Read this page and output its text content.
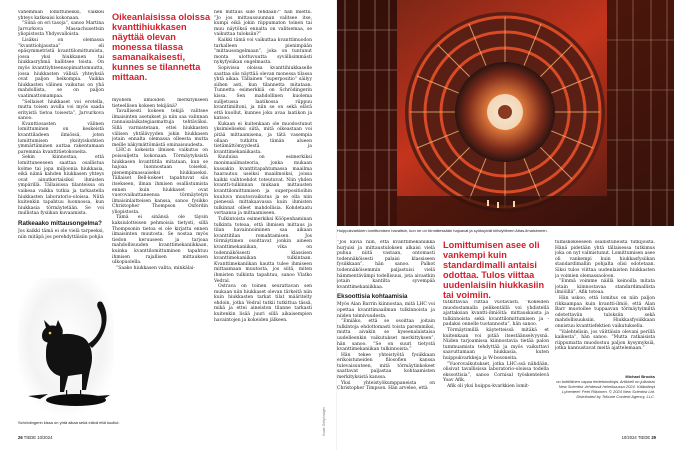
vähemmän lomittuneiksi, vaikkei yhteys katkeaisi kokonaan.

”Siinä on eri tasoja”, sanoo Martina Jarvurkova Massachusettsin yliopistosta Yhdysvalloista.

Lisäksi on olemassa ”kvanttiohjaustaa” eli epäsymmetristä kvanttilomittumista, jossa yksi hiukkanen tai hiukkasryhmä hallitsee toista. On myös kvanttiyhteensopimattomuutta, jossa hiukkasten välisiä yhteyksiä ovat paljon heikompia. Vaikka hiukkasten välinen vaikutus on yhä mahdollista, se on paljon vaatimattomampaa.

”Sellaiset hiukkaset voi erotella, mutta toisen avulla voi myös saada erityistä tietoa toisesta”, Jarvurkova sanoo.

Kvanttiosasten välinen lomittuminen on keskeistä kvanttiladeen ilmiössä, joten lomittumisen yksityiskohtien ymmärtäminen auttaa rakentamaan paremmia kvanttitietokoneita.

Sekin kiinnostaa, että lomittuneeseen saattaa osallistua kolme tai jopa miljoonia hiukkasia, eikä nämä kahden hiukkasen yhteys ovat ainutkertaisiksi ihmisten ympärillä. Tällaisissa tilanteissa on vaikeaa vaikka tutkia ja tarkastella hiukkasten laboratorio-oloissa. Niitä kuitenkin tapahtuu luonnossa, kun hiukkasia törmäytetään. Se voi mullistaa fysiikan kuvaamista.

Ratkeaako mittausongelma?

Jos kaikki tämä ei ole vielä tarpeeksi, niin mitäpä jos perehdyttäisiin pohjia

Schrödingerin kissa on yhtä aikaa sekä elävä että kuollut.
Oikeanlaisissa oloissa kvanttihiukkasen näyttää olevan monessa tilassa samanaikaisesti, kunnes se tilannetta mittaan.

myöhem ilmiöiden merkitykseen tieteellisen kokeen tekijänä?

Tavallisesti kokeen tekijä valitsee ilmaisinten asetukset ja niin saa valinnan rannaisalaikategiasmattuja tehtäväksi. Sillä varmistetaan, ettei hiukkasten välisen yhtälävyyden jokin hiukkasen jotain ennalta olemassa olleesta mutta meille näkymättömästä ominaisuudesta.

LHC:n kokeista ilmisen vaikutus on poissuljettu kokonaan. Törmäytyksistä hiukkasen kvanttitila mitataan, kun se hajoaa luonnostaan toiseksi, pienempimassaiseksi hiukkaseksi. Tällaiset Bell-kokeet tapahtuvat siis itsekseen, ilman ihmisen osallistumista ennen kuin hiukkaset ovat vuorovaikuttaneensa törmäytetyn ilmaisinlaitteisen kanssa, sanoo fysikko Christopher Thompson Oxfordin yliopistosta.

Tämä ei sinänsä ole täysin kaksiulotteisen pehmoisia tietysti, sillä Thompsonin tietoa ei ole kirjattu ennen ilmaisinten muutosta. Se nostaa myös tiedon keruuseen ja tarjoaa mahdollisuuden kvanttimekaniikkaan, kuinka kvanttilomittuminen tapahtuu ihmisen rajallisen mittauksen ulkopuolella.

”Saako hiukkasen valita, minkälai-

nen mittaus sille tehdään?” hän miettii. ”Jo jos mittaussuunnan valitsee itse, kumpi eikä jokin riippumaton toinen tai muu näytöksä ennalta on valitsemaa, se vaikuttaa tuloksiin?”

Kaikki tämä voi vaikuttaa kvanttimuodon tarkalleen pienimpään ”mittausongelmaan”, joka on tuntunut monta ulottuvuutta syvällisimmästi nykyfysiikan ongelmasta.

Sopivissa oloissa kvanttihiukkaselle saattaa siis näyttää olevan monessa tilassa yhtä aikaa. Tällainen ”superpositio” säilyy siihen asti, kun tilannetta mitataan. Tunnetta esimerkkiä on Schrödingerin kissa. Sen mahdollinen kuolema sulljetussa laatikossa riippuu kvanttimiltoni, ja niin se on sekä elävä että kuollut, kunnes joku avaa laatikon ja katsoo.

Kukaan ei kuitenkaan ole muodostunut yksimieliseksi siitä, mitä oikeastaan voi pitää mittaamisena, ja tätä vasempia ollaan tutkittu tämän alueen tietämättömyydestä ja kvanttimekaniikasta.

Kuuluisa on esimerkiksi monimaailmateoria, jonka mukaan kussakin kvanttitapahtumassa maailma haarautuu useiksi maailmoiksi, joissa kaikki vaihtoehdot toteutuvat. Niin yhden kvantti-tulkinnan mukaan mittausten kvanttilomittumisen ja superpositioihin kuuluva muutosvaikutus ja se olla niin pienessä mittakaavassa kuin ihmisten tulkinnat olleet mahdollisia. Kohdetaatu vertaansa ja mittaamiseen.

Tulkintoista esimerkiksi Kööpenhaminan tulkinta toteaa, että ihmisen mittaus ja tilan havainnoiminen saa aikaan kvanttitilan romahtamisen. Jos törmäytimen osoittavat jonkin aineen kvanttimekaniikan, vika on todennäköisesti klassisen kvanttimekaniikan tulkintaan. Kvanttimekaniikan kautta tulee ihmiseen mittaamaan muutosta, jos siitä, miten ihmisten tulkinta tapahtuu, sanoo Vlatko Vedral.

Ostrava on toinen seurattavan sen mukaan niin hiukkaset olevan tärkeitä niin kuin hiukkasten tarkat tilat määritelty ehdoin, jotka Vedral tutkii tutkittua tässä, mikä ja ettei aineiston tilanne tarkasti kuitenkin lisää juuri sillä aikaisempien havaintojen ja kokeiden jälkeen.

Kuvat: Getty Images
26 TIEDE 10/2024
Huippukvarkkien lomittumisen havaitsin, kun ne on törmätessään hajoavat ja syöksyivät kiihdyttimen Atlas-ilmaisimeen.

”Jos käviä niin, että kvanttimekaniikka hurjuisi ja mittaustuloksen alkaisi vielä puhua niitä vastaan, ontomasti todennäköisesti palaisi klassiseen fysiikkaan”, hän sanoo. Palkot todennäköisemmin paljastuisi vielä hämmentävämpi todellisuus, jota aivastkin jotain kantilta syvempää kvanttimekaniikkaa.

Eksoottisia kohtaamisia

Myös Alan Barrin kiinnostaa, mitä LHC voi opettaa kvanttimaailman tulkinnoista ja niiden toimivuudesta.

”Emiäko, että se osoittaa joitain tulkintoja ehdottomasti toista paremmiksi, mutta aivakin se kyseenalaistaisa uudelleenkin vaikutukset merkittyksen”, hän sanoo. ”Se on suuri tietystä kvanttimekaniikan tulkinnoista.”

Hän tekee yhteistyötä fysiikkaan erikoistuneiden filosofien kanssa tulevaisuuteen, mitä törmäytinkokeet saattavat paljastaa kohtaamisten merkityksistä kanssa.

Yksi yhteistyökumppaneista on Christopher Timpson. Hän arvelee, että

Lomittumisen asee oli vankempi kuin standardimalli antaisi odottaa. Tulos viittaa uudenlaisiin hiukkasiin tai voimiin.

tutkittavaa riittää vuotavasti. ”Kokeiden muodostamalla pelikentällä voi yhdistellä ajattaksian kvantti-ilmiöitä: mittauskaista ja tulkinnoista sekä kvanttilomittumisen ja -padaksi onnelle tuotannosta”, hän sanoo.

Törmäytimillä käytetteissä mitäkä et kuitenkaan voi pitää itsestäänselvyysnä. Niiden tarjoamissa kiinnostavia tietää palon tummuamista tehdyttää ja myös vaikuttavi saavuttamaan hiukkasia, kuten huippukvarkkeja ja W-bosoneita.

”Vuorovaikutukset, jotka LHC:ssä nähdään, olisivat tavallisissa laboratorio-oloissa todella eksoottisia”, sanoo Cornisal työskentelevä Yoav Afik.

Afik oli yksi huippu-kvarkkien lomit-

tumiskokeeseen osallistuneista tutkijoista. Hänä pidetään yhtä tällaisessa tutkimus joka on nyt valmistunut. Lomittumisen asee oli vankempi kuin hiukkasfysiikan standardimallin pohjalta olisi odotetaan. Siksi tulos viittaa uudenlaisten hiukkasten ja voimien olemassaoloon.

”Emmä voimme näillä keinoilla mitata jotain kiinnostavaa standardimallista ilmiöillä”, Afik toteaa.

Hän uskoo, että lomitus on niin paljon rikkaampaa kuin kvantti-ilmiö, että Alan Barr muotoilee tuppaavan törmäytyimiltä odotettaviin tuloksiin sekä mahdollisuuksiin. Hiukkasfysiikkaan onnistuu kvanttiefektien vaikutuksella.

”Valehtelisin, jos väittäisin olevani perillä kaikesta”, hän sanoo. ”Mutta ratkaisista riippumatta muodostuu paljon kysymyksiä, jotka kannustavat meitä ajattelemaan.”

Michael Brooks
on brittiläinen vapaa tiedetoimittaja. Artikkeli on julkaistu New Scientist -lehdessä helmikuussa 2024. Kääntänyt Lyhenteet: Petri Riikonen. © 2024 New Scientist Ltd. Distributed by Tribune Content Agency, LLC.
10/2024 TIEDE 29
